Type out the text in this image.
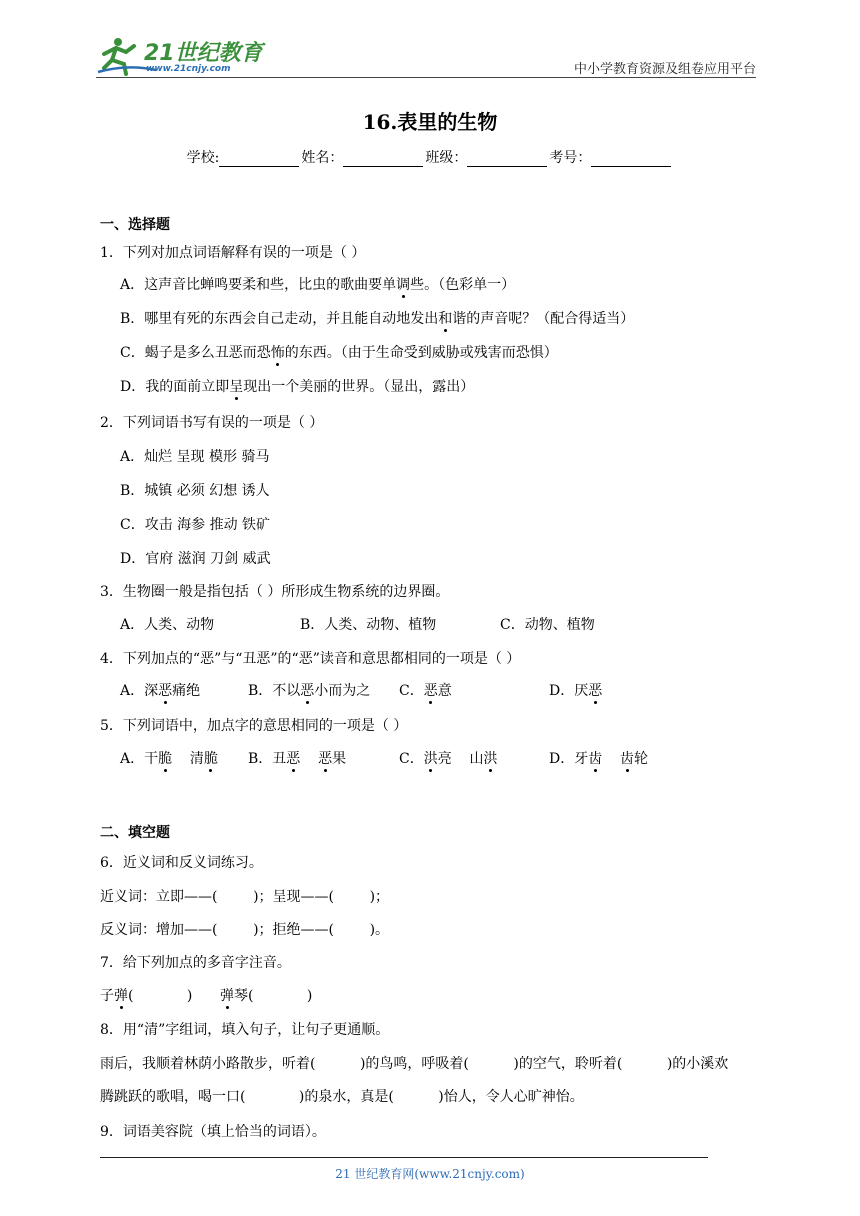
21世纪教育
www.21cnjy.com	中小学教育资源及组卷应用平台
16.表里的生物
学校:	姓名：	班级：	考号：
一、选择题
1．下列对加点词语解释有误的一项是（ ）
A．这声音比蝉鸣要柔和些，比虫的歌曲要单调些。（色彩单一）
B．哪里有死的东西会自己走动，并且能自动地发出和谐的声音呢？（配合得适当）
C．蝎子是多么丑恶而恐怖的东西。（由于生命受到威胁或残害而恐惧）
D．我的面前立即呈现出一个美丽的世界。（显出，露出）
2．下列词语书写有误的一项是（ ）
A．灿烂 呈现 模形 骑马
B．城镇 必须 幻想 诱人
C．攻击 海参 推动 铁矿
D．官府 滋润 刀剑 威武
3．生物圈一般是指包括（ ）所形成生物系统的边界圈。
A．人类、动物	B．人类、动物、植物	C．动物、植物
4．下列加点的“恶”与“丑恶”的“恶”读音和意思都相同的一项是（ ）
A．深恶痛绝	B．不以恶小而为之 C．恶意	D．厌恶
5．下列词语中，加点字的意思相同的一项是（ ）
A．干脆    清脆 B．丑恶 恶果	C．洪亮    山洪	D．牙齿 齿轮
二、填空题
6．近义词和反义词练习。
近义词：立即——(        )；呈现——(        )；
反义词：增加——(        )；拒绝——(        )。
7．给下列加点的多音字注音。
子弹(            ) 弹琴(            )
8．用“清”字组词，填入句子，让句子更通顺。
雨后，我顺着林荫小路散步，听着(          )的鸟鸣，呼吸着(          )的空气，聆听着(          )的小溪欢
腾跳跃的歌唱，喝一口(            )的泉水，真是(          )怡人，令人心旷神怡。
9．词语美容院（填上恰当的词语）。
21 世纪教育网(www.21cnjy.com)
